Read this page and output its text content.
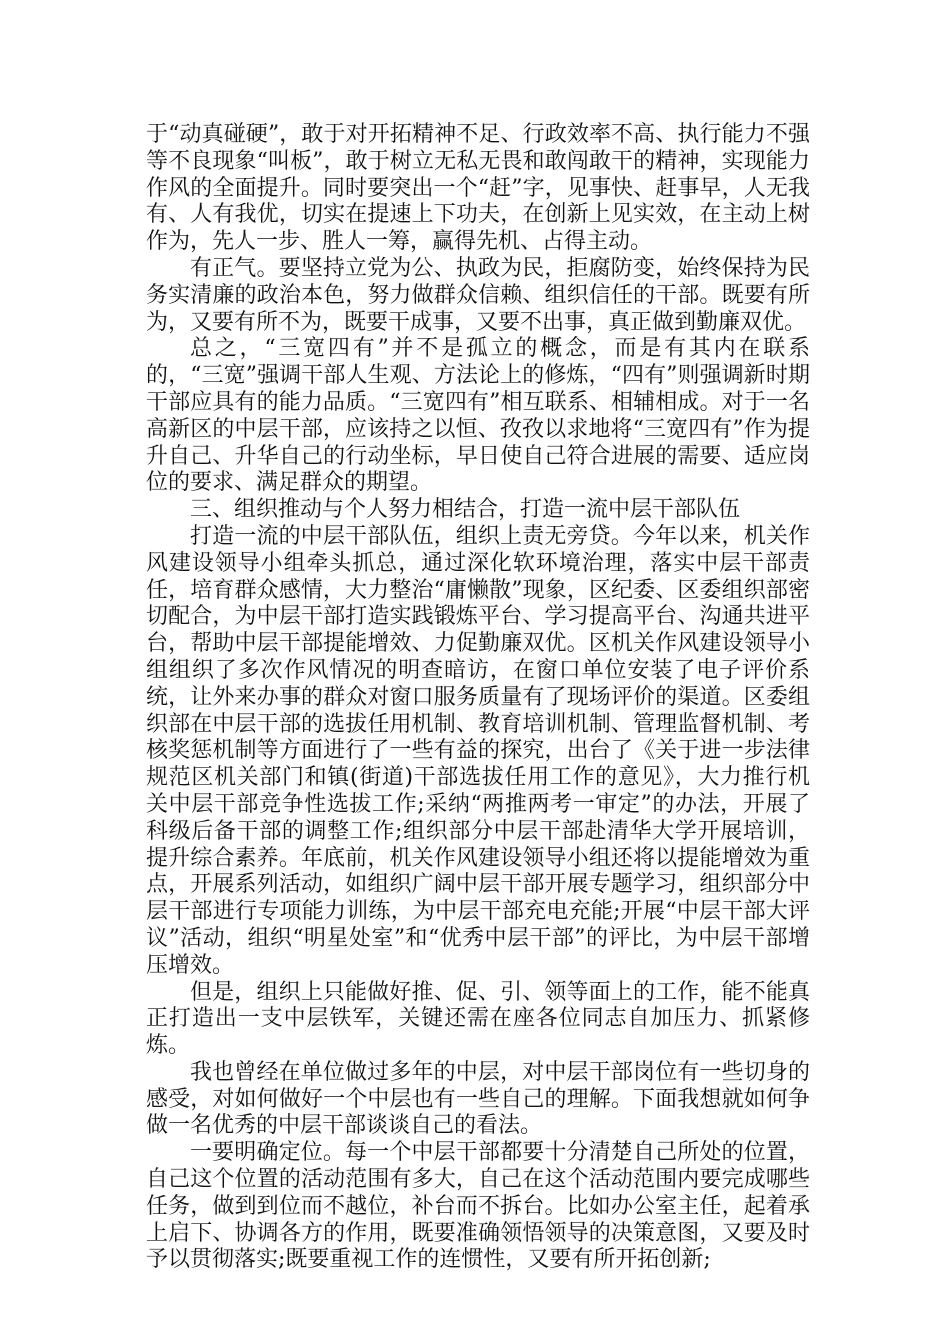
于“动真碰硬”，敢于对开拓精神不足、行政效率不高、执行能力不强等不良现象“叫板”，敢于树立无私无畏和敢闯敢干的精神，实现能力作风的全面提升。同时要突出一个“赶”字，见事快、赶事早，人无我有、人有我优，切实在提速上下功夫，在创新上见实效，在主动上树作为，先人一步、胜人一筹，赢得先机、占得主动。

有正气。要坚持立党为公、执政为民，拒腐防变，始终保持为民务实清廉的政治本色，努力做群众信赖、组织信任的干部。既要有所为，又要有所不为，既要干成事，又要不出事，真正做到勤廉双优。

总之，“三宽四有”并不是孤立的概念，而是有其内在联系的，“三宽”强调干部人生观、方法论上的修炼，“四有”则强调新时期干部应具有的能力品质。“三宽四有”相互联系、相辅相成。对于一名高新区的中层干部，应该持之以恒、孜孜以求地将“三宽四有”作为提升自己、升华自己的行动坐标，早日使自己符合进展的需要、适应岗位的要求、满足群众的期望。

三、组织推动与个人努力相结合，打造一流中层干部队伍

打造一流的中层干部队伍，组织上责无旁贷。今年以来，机关作风建设领导小组牵头抓总，通过深化软环境治理，落实中层干部责任，培育群众感情，大力整治“庸懒散”现象，区纪委、区委组织部密切配合，为中层干部打造实践锻炼平台、学习提高平台、沟通共进平台，帮助中层干部提能增效、力促勤廉双优。区机关作风建设领导小组组织了多次作风情况的明查暗访，在窗口单位安装了电子评价系统，让外来办事的群众对窗口服务质量有了现场评价的渠道。区委组织部在中层干部的选拔任用机制、教育培训机制、管理监督机制、考核奖惩机制等方面进行了一些有益的探究，出台了《关于进一步法律规范区机关部门和镇(街道)干部选拔任用工作的意见》，大力推行机关中层干部竞争性选拔工作;采纳“两推两考一审定”的办法，开展了科级后备干部的调整工作;组织部分中层干部赴清华大学开展培训，提升综合素养。年底前，机关作风建设领导小组还将以提能增效为重点，开展系列活动，如组织广阔中层干部开展专题学习，组织部分中层干部进行专项能力训练，为中层干部充电充能;开展“中层干部大评议”活动，组织“明星处室”和“优秀中层干部”的评比，为中层干部增压增效。

但是，组织上只能做好推、促、引、领等面上的工作，能不能真正打造出一支中层铁军，关键还需在座各位同志自加压力、抓紧修炼。

我也曾经在单位做过多年的中层，对中层干部岗位有一些切身的感受，对如何做好一个中层也有一些自己的理解。下面我想就如何争做一名优秀的中层干部谈谈自己的看法。

一要明确定位。每一个中层干部都要十分清楚自己所处的位置，自己这个位置的活动范围有多大，自己在这个活动范围内要完成哪些任务，做到到位而不越位，补台而不拆台。比如办公室主任，起着承上启下、协调各方的作用，既要准确领悟领导的决策意图，又要及时予以贯彻落实;既要重视工作的连惯性，又要有所开拓创新;
